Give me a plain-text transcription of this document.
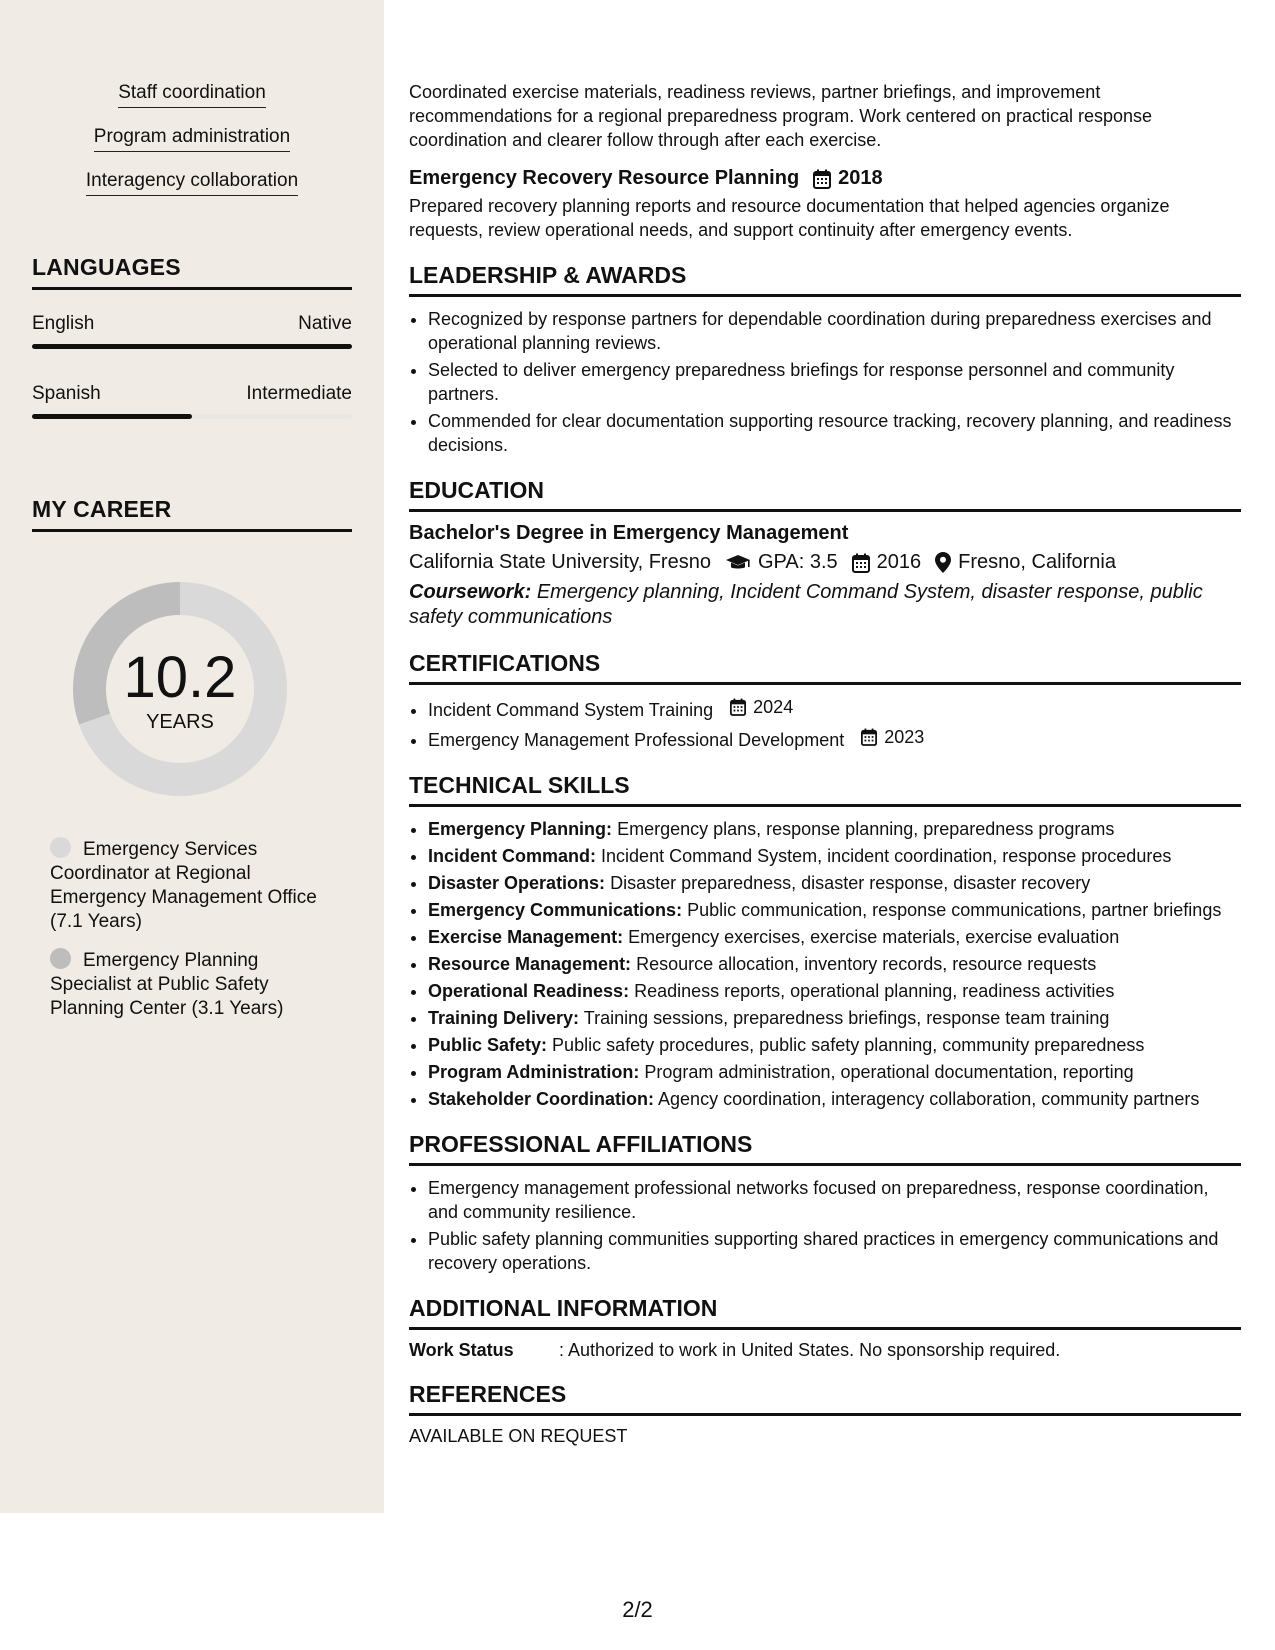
Staff coordination
Program administration
Interagency collaboration
LANGUAGES
English	Native
Spanish	Intermediate
MY CAREER
10.2
YEARS
Emergency Services Coordinator at Regional Emergency Management Office (7.1 Years)
Emergency Planning Specialist at Public Safety Planning Center (3.1 Years)

Coordinated exercise materials, readiness reviews, partner briefings, and improvement recommendations for a regional preparedness program. Work centered on practical response coordination and clearer follow through after each exercise.

Emergency Recovery Resource Planning 2018

Prepared recovery planning reports and resource documentation that helped agencies organize requests, review operational needs, and support continuity after emergency events.

LEADERSHIP & AWARDS
• Recognized by response partners for dependable coordination during preparedness exercises and operational planning reviews.
• Selected to deliver emergency preparedness briefings for response personnel and community partners.
• Commended for clear documentation supporting resource tracking, recovery planning, and readiness decisions.
EDUCATION
Bachelor's Degree in Emergency Management
California State University, Fresno GPA: 3.5 2016 Fresno, California
Coursework: Emergency planning, Incident Command System, disaster response, public safety communications
CERTIFICATIONS
• Incident Command System Training 2024
• Emergency Management Professional Development 2023
TECHNICAL SKILLS
• Emergency Planning: Emergency plans, response planning, preparedness programs
• Incident Command: Incident Command System, incident coordination, response procedures
• Disaster Operations: Disaster preparedness, disaster response, disaster recovery
• Emergency Communications: Public communication, response communications, partner briefings
• Exercise Management: Emergency exercises, exercise materials, exercise evaluation
• Resource Management: Resource allocation, inventory records, resource requests
• Operational Readiness: Readiness reports, operational planning, readiness activities
• Training Delivery: Training sessions, preparedness briefings, response team training
• Public Safety: Public safety procedures, public safety planning, community preparedness
• Program Administration: Program administration, operational documentation, reporting
• Stakeholder Coordination: Agency coordination, interagency collaboration, community partners
PROFESSIONAL AFFILIATIONS
• Emergency management professional networks focused on preparedness, response coordination, and community resilience.
• Public safety planning communities supporting shared practices in emergency communications and recovery operations.
ADDITIONAL INFORMATION
Work Status	: Authorized to work in United States. No sponsorship required.
REFERENCES
AVAILABLE ON REQUEST
2/2
